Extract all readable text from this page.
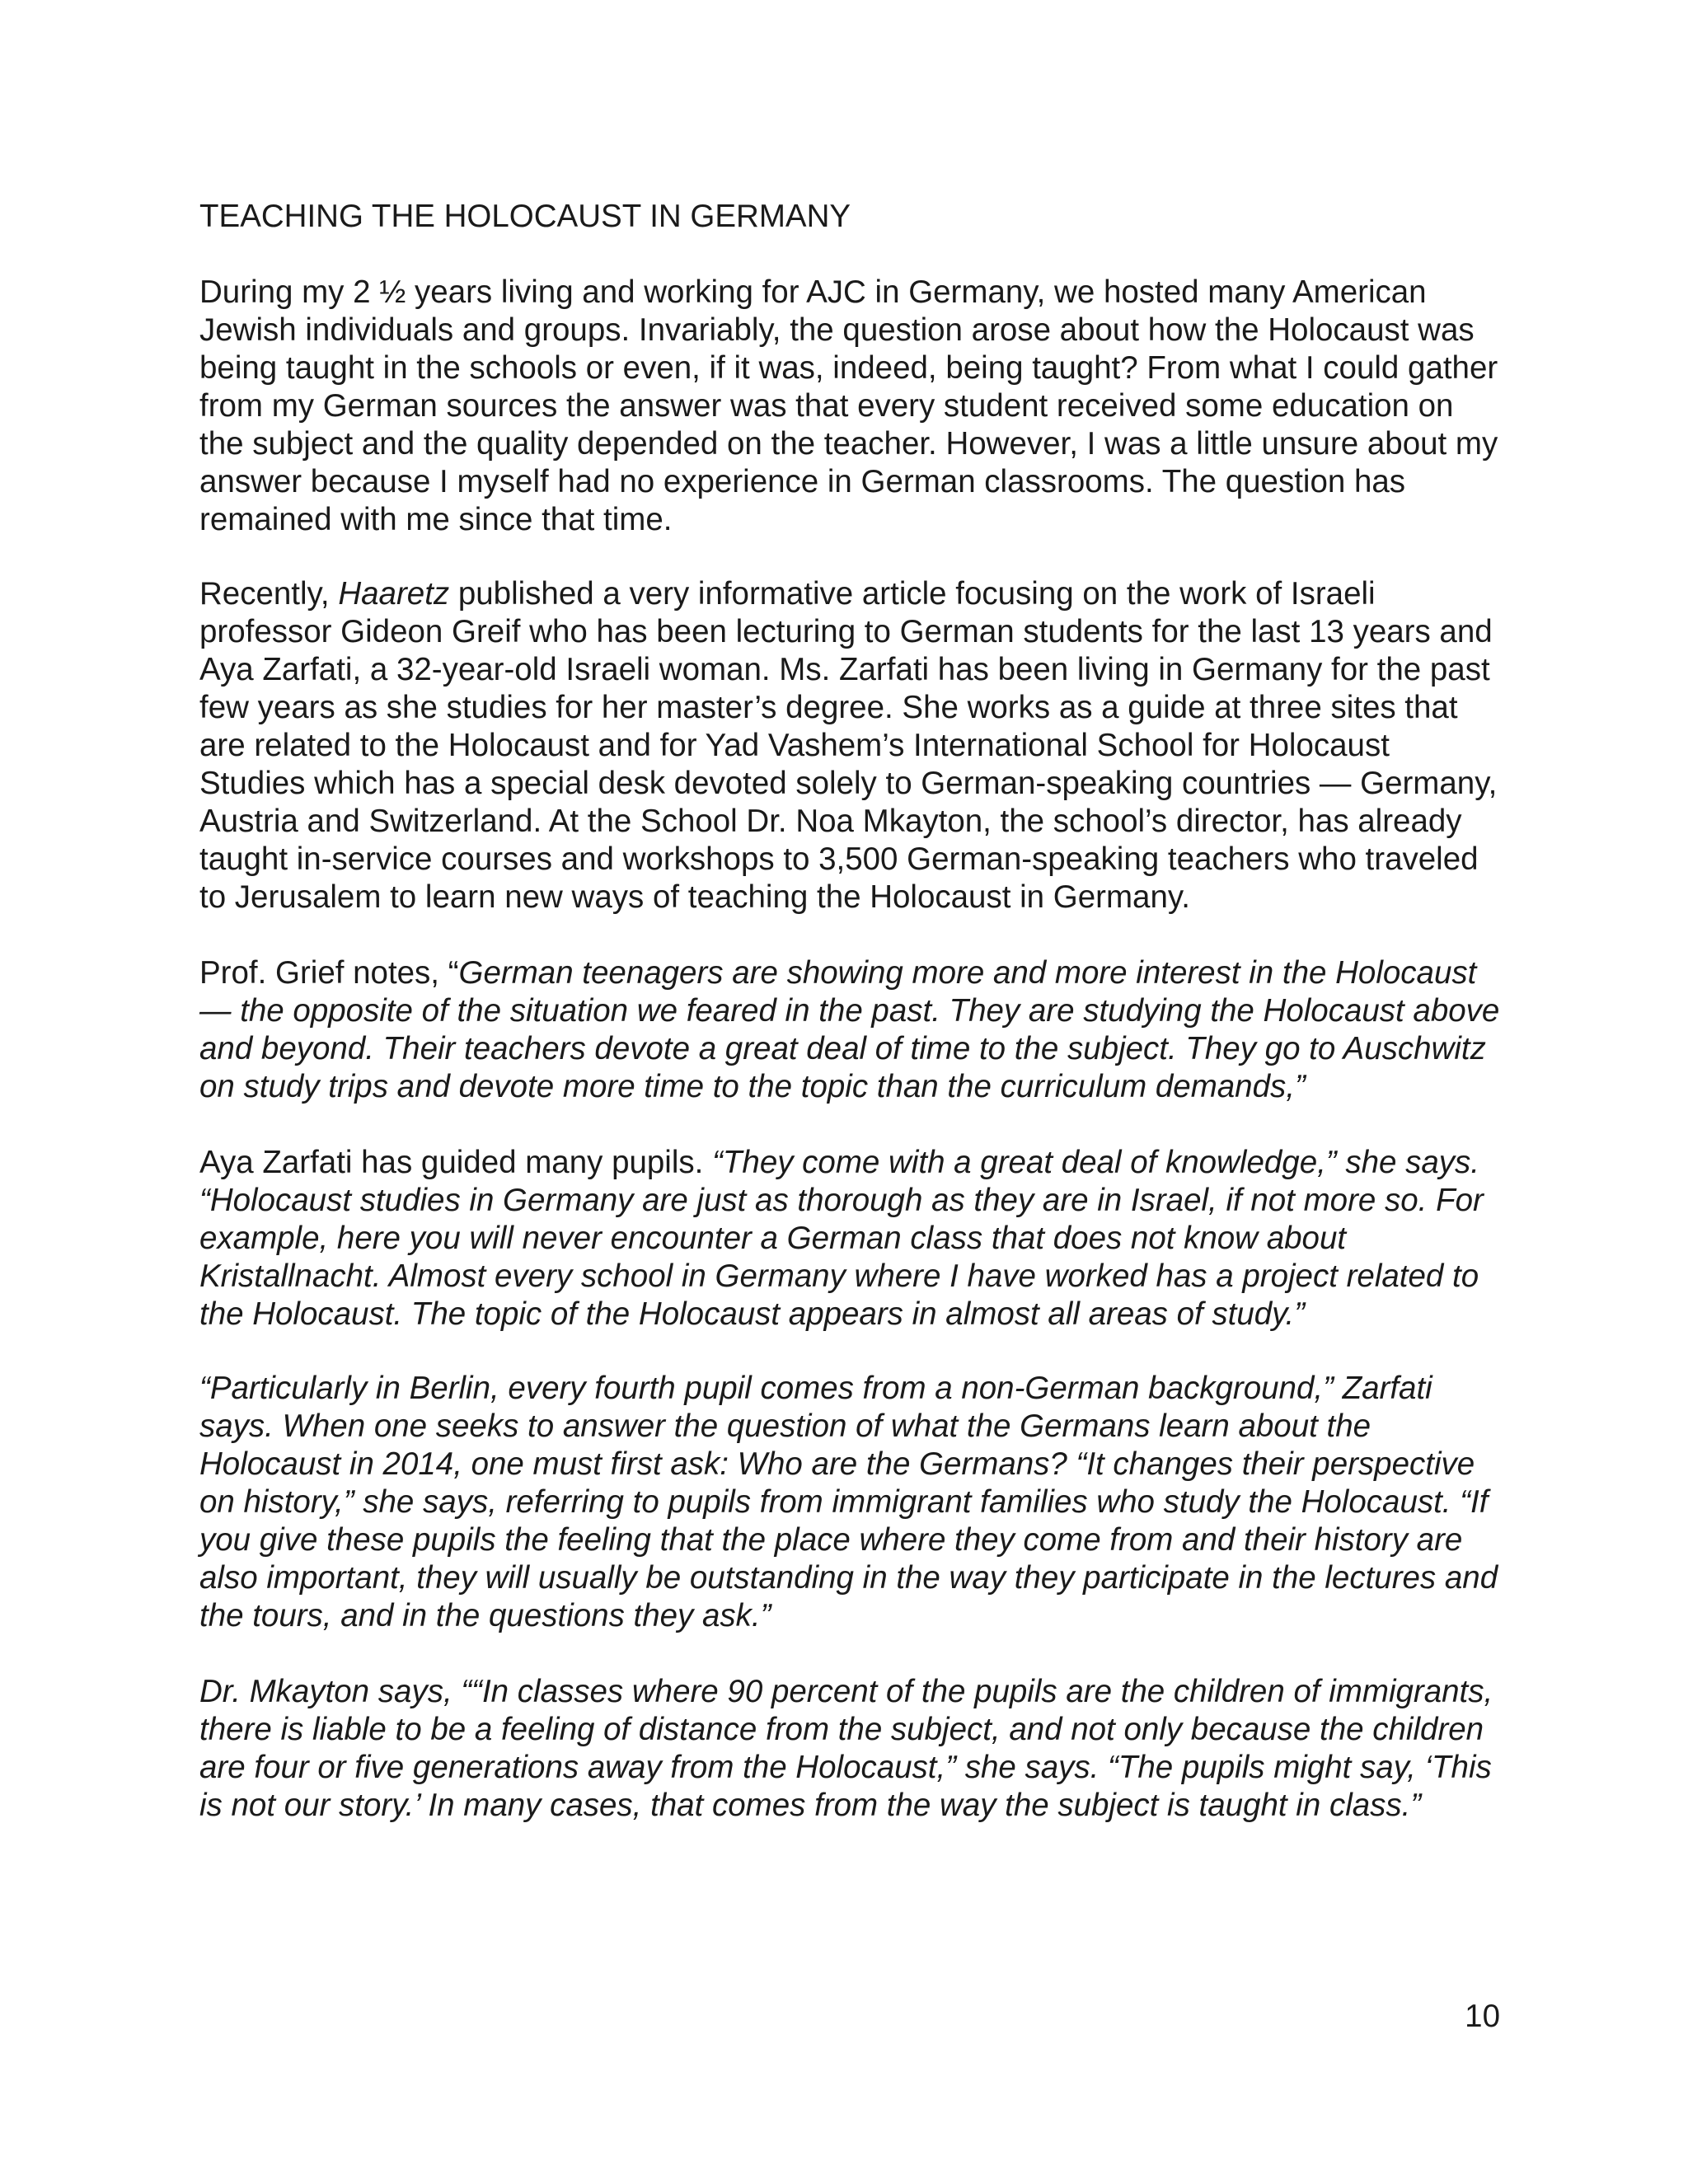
TEACHING THE HOLOCAUST IN GERMANY

During my 2 ½ years living and working for AJC in Germany, we hosted many American Jewish individuals and groups. Invariably, the question arose about how the Holocaust was being taught in the schools or even, if it was, indeed, being taught? From what I could gather from my German sources the answer was that every student received some education on the subject and the quality depended on the teacher. However, I was a little unsure about my answer because I myself had no experience in German classrooms. The question has remained with me since that time.

Recently, Haaretz published a very informative article focusing on the work of Israeli professor Gideon Greif who has been lecturing to German students for the last 13 years and Aya Zarfati, a 32-year-old Israeli woman. Ms. Zarfati has been living in Germany for the past few years as she studies for her master’s degree. She works as a guide at three sites that are related to the Holocaust and for Yad Vashem’s International School for Holocaust Studies which has a special desk devoted solely to German-speaking countries — Germany, Austria and Switzerland. At the School Dr. Noa Mkayton, the school’s director, has already taught in-service courses and workshops to 3,500 German-speaking teachers who traveled to Jerusalem to learn new ways of teaching the Holocaust in Germany.

Prof. Grief notes, “German teenagers are showing more and more interest in the Holocaust — the opposite of the situation we feared in the past. They are studying the Holocaust above and beyond. Their teachers devote a great deal of time to the subject. They go to Auschwitz on study trips and devote more time to the topic than the curriculum demands,”

Aya Zarfati has guided many pupils. “They come with a great deal of knowledge,” she says. “Holocaust studies in Germany are just as thorough as they are in Israel, if not more so. For example, here you will never encounter a German class that does not know about Kristallnacht. Almost every school in Germany where I have worked has a project related to the Holocaust. The topic of the Holocaust appears in almost all areas of study.”

“Particularly in Berlin, every fourth pupil comes from a non-German background,” Zarfati says. When one seeks to answer the question of what the Germans learn about the Holocaust in 2014, one must first ask: Who are the Germans? “It changes their perspective on history,” she says, referring to pupils from immigrant families who study the Holocaust. “If you give these pupils the feeling that the place where they come from and their history are also important, they will usually be outstanding in the way they participate in the lectures and the tours, and in the questions they ask.”

Dr. Mkayton says, ““In classes where 90 percent of the pupils are the children of immigrants, there is liable to be a feeling of distance from the subject, and not only because the children are four or five generations away from the Holocaust,” she says. “The pupils might say, ‘This is not our story.’ In many cases, that comes from the way the subject is taught in class.”

10
